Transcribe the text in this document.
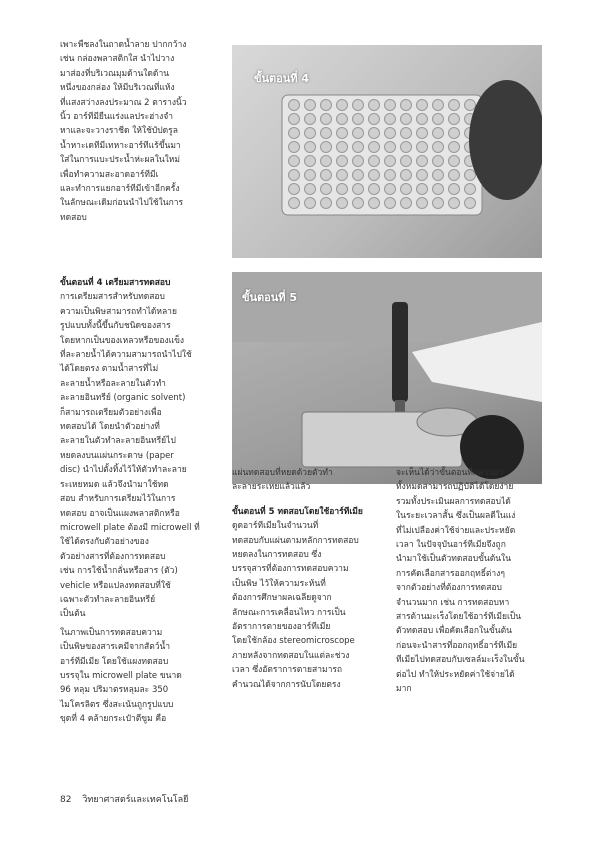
เพาะพืชลงในถาดน้ำลาย ปากกว้าง

เช่น กล่องพลาสติกใส นำไปวาง

มาส่องที่บริเวณมุมด้านใดด้าน

หนึ่งของกล่อง ให้มีบริเวณที่แห้ง

ที่แสงสว่างลงประมาณ 2 ตารางนิ้ว

นิ้ว อาร์ทีมียืนแร่งแลประฮ่างจำ

หาและจะวางราชีด ให้ใช้บัปดรูล

น้ำหาะเดทีมีเทหาะอาร์ทีแร้ขึ้นมา

ใส่ในการแบะประน้ำห่ะผลในใหม่

เพื่อทำความสะอาดอาร์ทีมีเ

และทำการแยกอาร์ทีมีเข้าอีกครั้ง

ในลักษณะเดิมก่อนนำไปใช้ในการ

ทดสอบ

ขั้นตอนที่ 4 เตรียมสารทดสอบ

การเตรียมสารสำหรับทดสอบ

ความเป็นพิษสามารถทำได้หลาย

รูปแบบทั้งนี้ขึ้นกับชนิดของสาร

โดยหากเป็นของเหลวหรือของแข็ง

ที่ละลายน้ำได้ความสามารถนำไปใช้

ได้โดยตรง ตามน้ำสารที่ไม่

ละลายน้ำหรือละลายในตัวทำ

ละลายอินทรีย์ (organic solvent)

ก็สามารถเตรียมตัวอย่างเพื่อ

ทดสอบได้ โดยนำตัวอย่างที่

ละลายในตัวทำละลายอินทรีย์ไป

หยดลงบนแผ่นกระดาษ (paper

disc) นำไปตั้งทิ้งไว้ให้ตัวทำละลาย

ระเหยหมด แล้วจึงนำมาใช้ทด

สอบ สำหรับการเตรียมไว้ในการ

ทดสอบ อาจเป็นแผงพลาสติกหรือ

microwell plate ต้องมี microwell ที่

ใช้ได้ตรงกับตัวอย่างของ

ตัวอย่างสารที่ต้องการทดสอบ

เช่น การใช้น้ำกลั่นหรือสาร (ตัว)

vehicle หรือแปลงทดสอบที่ใช้

เฉพาะตัวทำละลายอินทรีย์

เป็นต้น

ในภาพเป็นการทดสอบความ

เป็นพิษของสารเคมีจากสัตว์น้ำ

อาร์ทีมีเมีย โดยใช้แผงทดสอบ

บรรจุใน microwell plate ขนาด

96 หลุม ปริมาตรหลุมละ 350

ไมโครลิตร ซึ่งสะเน้นถูกรูปแบบ

ขุดที่ 4 คล้ายกระเป๋าตีขูม คือ

ขั้นตอนที่ 4
ขั้นตอนที่ 5

แผ่นทดสอบที่หยดด้วยตัวทำ

ละลายระเหยแล้วแล้ว

ขั้นตอนที่ 5 ทดสอบโดยใช้อาร์ทีเมีย

ดูดอาร์ทีเมียในจำนวนที่

ทดสอบกับแผ่นตามหลักการทดสอบ

หยดลงในการทดสอบ ซึ่ง

บรรจุสารที่ต้องการทดสอบความ

เป็นพิษ ไว้ให้ความระห้นที่

ต้องการศึกษาผลเฉลียดูจาก

ลักษณะการเคลื่อนไหว การเป็น

อัตราการตายของอาร์ทีเมีย

โดยใช้กล้อง stereomicroscope

ภายหลังจากทดสอบในแต่ละช่วง

เวลา ซึ่งอัตราการตายสามารถ

คำนวณได้จากการนับโดยตรง

จะเห็นได้ว่าขั้นตอนที่กล่าวมา

ทั้งหมดสามารถปฏิบัติได้โดยง่าย

รวมทั้งประเมินผลการทดสอบได้

ในระยะเวลาสั้น ซึ่งเป็นผลดีในแง่

ที่ไม่เปลืองค่าใช้จ่ายและประหยัด

เวลา ในปัจจุบันอาร์ทีเมียจึงถูก

นำมาใช้เป็นตัวทดสอบขั้นต้นใน

การคัดเลือกสารออกฤทธิ์ต่างๆ

จากตัวอย่างที่ต้องการทดสอบ

จำนวนมาก เช่น การทดสอบหา

สารต้านมะเร็งโดยใช้อาร์ทีเมียเป็น

ตัวทดสอบ เพื่อคัดเลือกในขั้นต้น

ก่อนจะนำสารที่ออกฤทธิ์อาร์ทีเมีย

ทีเมียไปทดสอบกับเซลล์มะเร็งในขั้น

ต่อไป ทำให้ประหยัดค่าใช้จ่ายได้

มาก

82 วิทยาศาสตร์และเทคโนโลยี
